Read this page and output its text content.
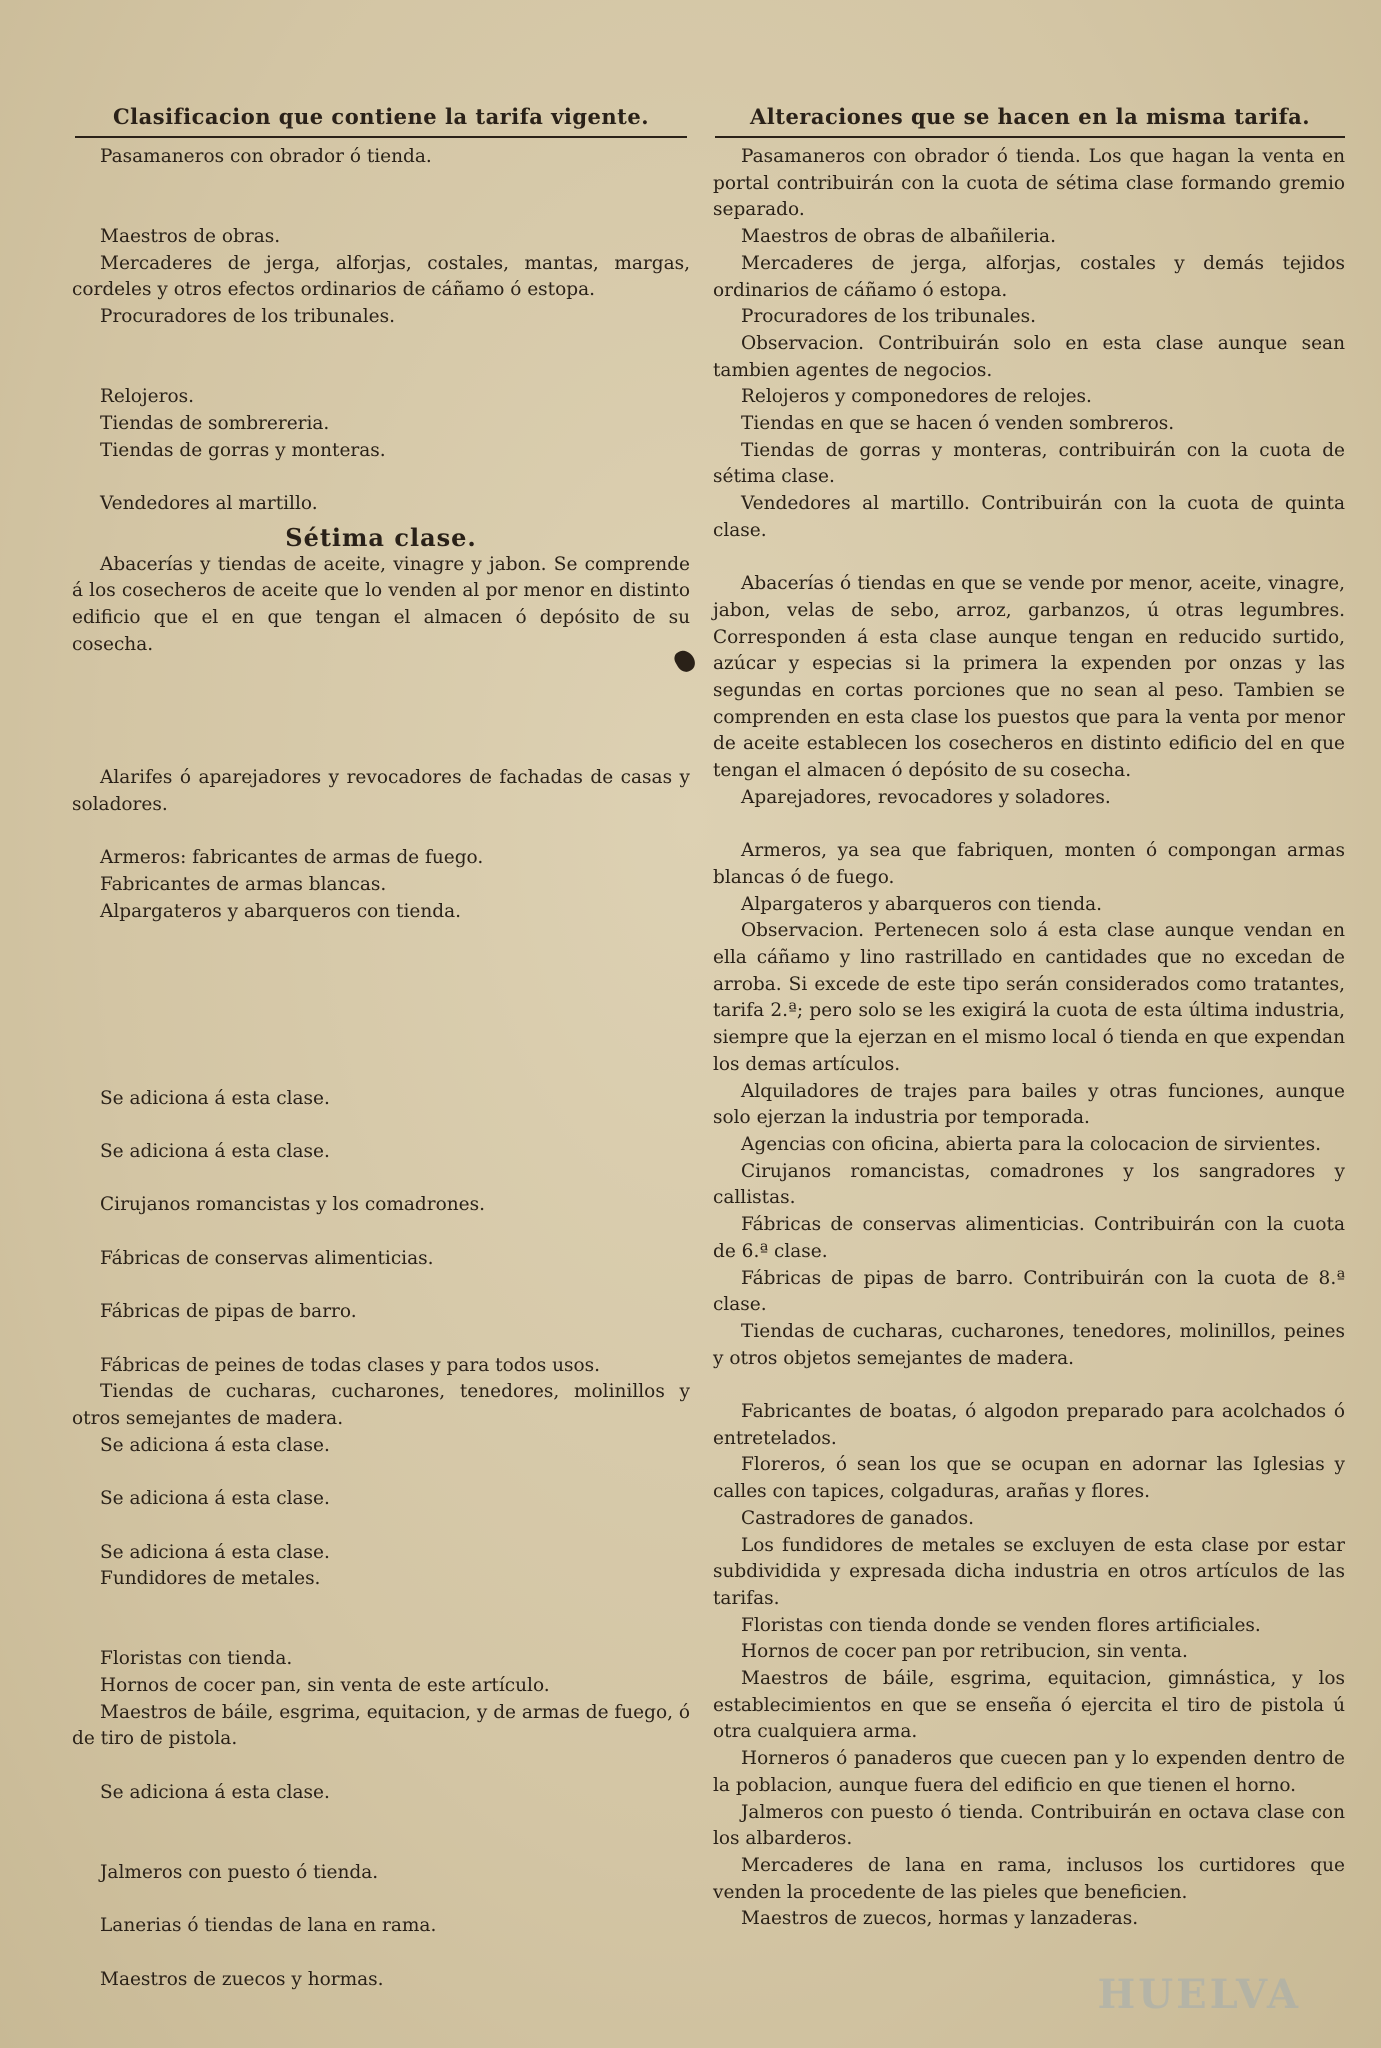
Clasificacion que contiene la tarifa vigente.	Alteraciones que se hacen en la misma tarifa.

Pasamaneros con obrador ó tienda.

Maestros de obras.

Mercaderes de jerga, alforjas, costales, mantas, margas, cordeles y otros efectos ordinarios de cáñamo ó estopa.

Procuradores de los tribunales.

Relojeros.

Tiendas de sombrereria.

Tiendas de gorras y monteras.

Vendedores al martillo.

Sétima clase.

Abacerías y tiendas de aceite, vinagre y jabon. Se comprende á los cosecheros de aceite que lo venden al por menor en distinto edificio que el en que tengan el almacen ó depósito de su cosecha.

Alarifes ó aparejadores y revocadores de fachadas de casas y soladores.

Armeros: fabricantes de armas de fuego.

Fabricantes de armas blancas.

Alpargateros y abarqueros con tienda.

Se adiciona á esta clase.

Se adiciona á esta clase.

Cirujanos romancistas y los comadrones.

Fábricas de conservas alimenticias.

Fábricas de pipas de barro.

Fábricas de peines de todas clases y para todos usos.

Tiendas de cucharas, cucharones, tenedores, molinillos y otros semejantes de madera.

Se adiciona á esta clase.

Se adiciona á esta clase.

Se adiciona á esta clase.

Fundidores de metales.

Floristas con tienda.

Hornos de cocer pan, sin venta de este artículo.

Maestros de báile, esgrima, equitacion, y de armas de fuego, ó de tiro de pistola.

Se adiciona á esta clase.

Jalmeros con puesto ó tienda.

Lanerias ó tiendas de lana en rama.

Maestros de zuecos y hormas.

Pasamaneros con obrador ó tienda. Los que hagan la venta en portal contribuirán con la cuota de sétima clase formando gremio separado.

Maestros de obras de albañileria.

Mercaderes de jerga, alforjas, costales y demás tejidos ordinarios de cáñamo ó estopa.

Procuradores de los tribunales.

Observacion. Contribuirán solo en esta clase aunque sean tambien agentes de negocios.

Relojeros y componedores de relojes.

Tiendas en que se hacen ó venden sombreros.

Tiendas de gorras y monteras, contribuirán con la cuota de sétima clase.

Vendedores al martillo. Contribuirán con la cuota de quinta clase.

Abacerías ó tiendas en que se vende por menor, aceite, vinagre, jabon, velas de sebo, arroz, garbanzos, ú otras legumbres. Corresponden á esta clase aunque tengan en reducido surtido, azúcar y especias si la primera la expenden por onzas y las segundas en cortas porciones que no sean al peso. Tambien se comprenden en esta clase los puestos que para la venta por menor de aceite establecen los cosecheros en distinto edificio del en que tengan el almacen ó depósito de su cosecha.

Aparejadores, revocadores y soladores.

Armeros, ya sea que fabriquen, monten ó compongan armas blancas ó de fuego.

Alpargateros y abarqueros con tienda.

Observacion. Pertenecen solo á esta clase aunque vendan en ella cáñamo y lino rastrillado en cantidades que no excedan de arroba. Si excede de este tipo serán considerados como tratantes, tarifa 2.ª; pero solo se les exigirá la cuota de esta última industria, siempre que la ejerzan en el mismo local ó tienda en que expendan los demas artículos.

Alquiladores de trajes para bailes y otras funciones, aunque solo ejerzan la industria por temporada.

Agencias con oficina, abierta para la colocacion de sirvientes.

Cirujanos romancistas, comadrones y los sangradores y callistas.

Fábricas de conservas alimenticias. Contribuirán con la cuota de 6.ª clase.

Fábricas de pipas de barro. Contribuirán con la cuota de 8.ª clase.

Tiendas de cucharas, cucharones, tenedores, molinillos, peines y otros objetos semejantes de madera.

Fabricantes de boatas, ó algodon preparado para acolchados ó entretelados.

Floreros, ó sean los que se ocupan en adornar las Iglesias y calles con tapices, colgaduras, arañas y flores.

Castradores de ganados.

Los fundidores de metales se excluyen de esta clase por estar subdividida y expresada dicha industria en otros artículos de las tarifas.

Floristas con tienda donde se venden flores artificiales.

Hornos de cocer pan por retribucion, sin venta.

Maestros de báile, esgrima, equitacion, gimnástica, y los establecimientos en que se enseña ó ejercita el tiro de pistola ú otra cualquiera arma.

Horneros ó panaderos que cuecen pan y lo expenden dentro de la poblacion, aunque fuera del edificio en que tienen el horno.

Jalmeros con puesto ó tienda. Contribuirán en octava clase con los albarderos.

Mercaderes de lana en rama, inclusos los curtidores que venden la procedente de las pieles que beneficien.

Maestros de zuecos, hormas y lanzaderas.

HUELVA
